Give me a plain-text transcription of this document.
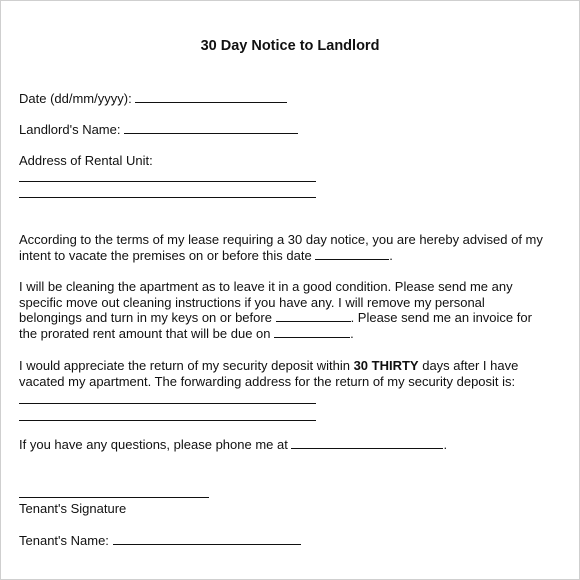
30 Day Notice to Landlord
Date (dd/mm/yyyy):
Landlord's Name:
Address of Rental Unit:
According to the terms of my lease requiring a 30 day notice, you are hereby advised of my
intent to vacate the premises on or before this date	.
I will be cleaning the apartment as to leave it in a good condition. Please send me any
specific move out cleaning instructions if you have any. I will remove my personal
belongings and turn in my keys on or before	. Please send me an invoice for
the prorated rent amount that will be due on	.
I would appreciate the return of my security deposit within 30 THIRTY days after I have
vacated my apartment. The forwarding address for the return of my security deposit is:
If you have any questions, please phone me at	.
Tenant's Signature
Tenant's Name:
